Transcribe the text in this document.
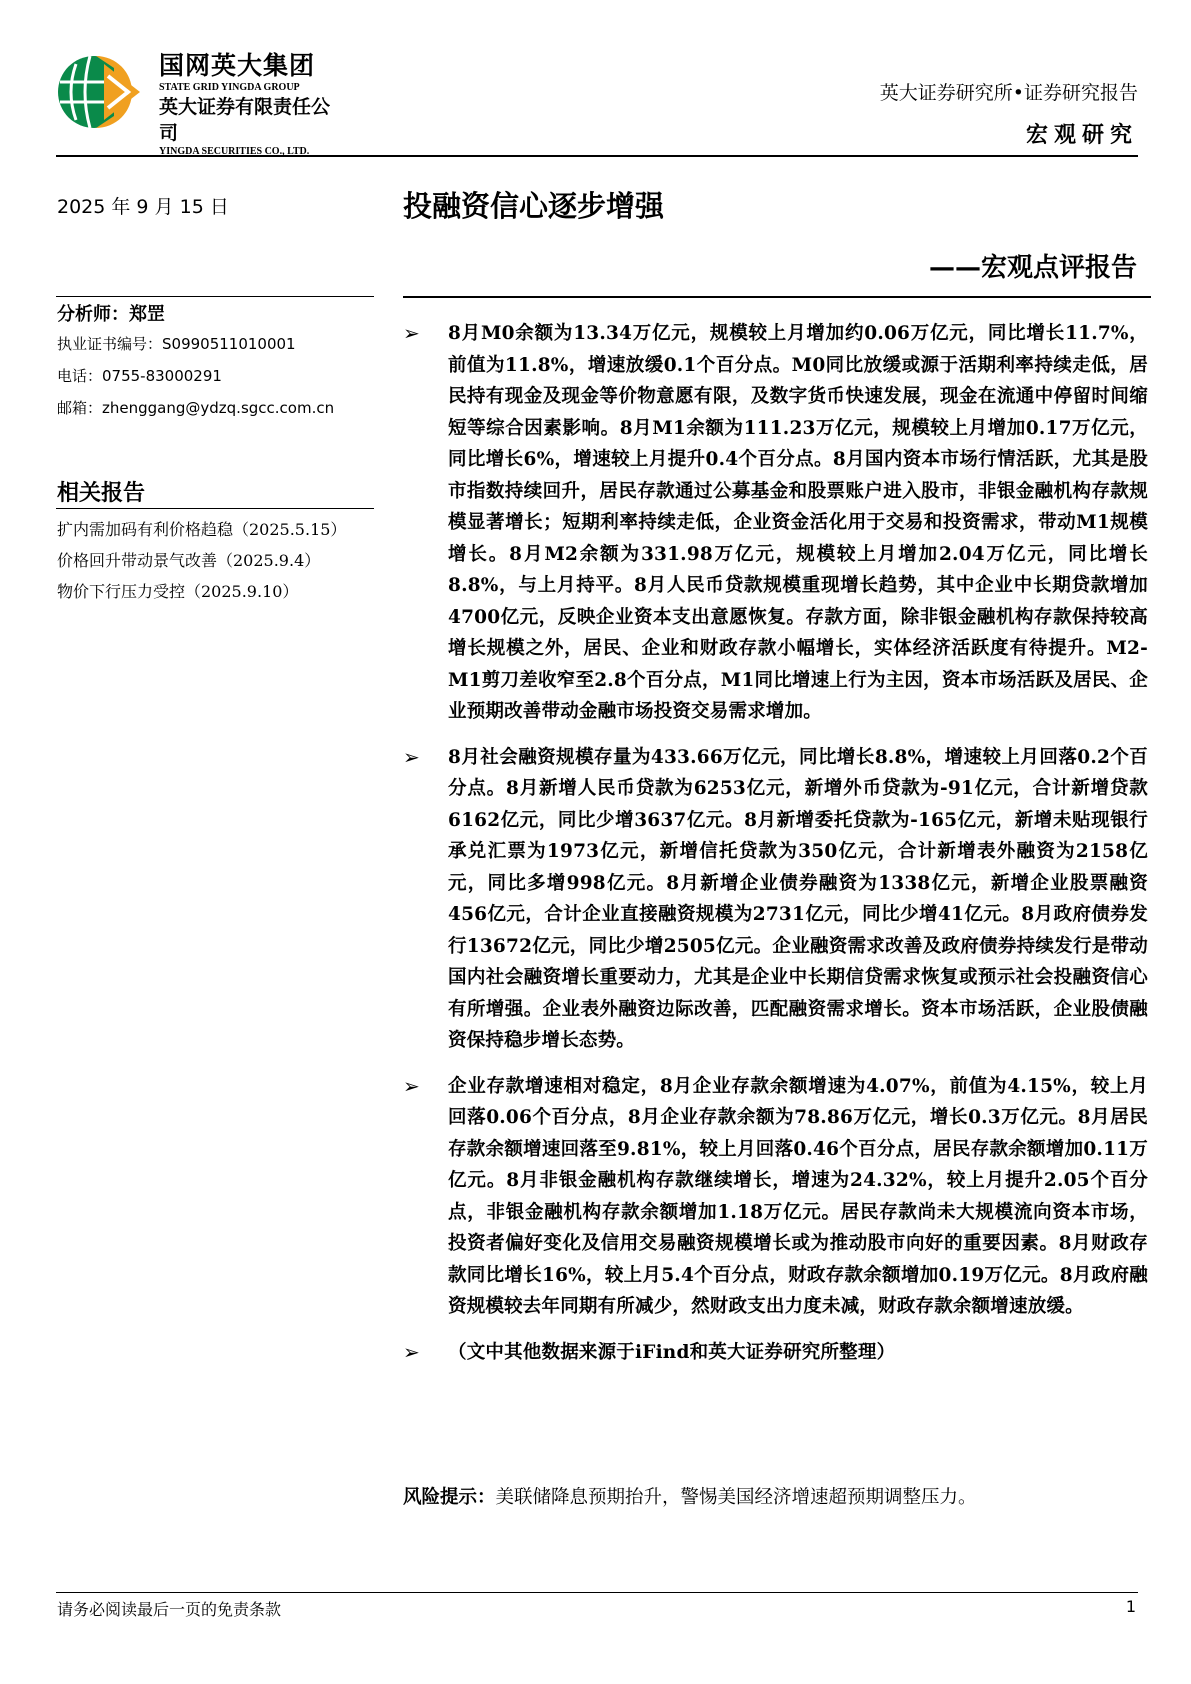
国网英大集团
STATE GRID YINGDA GROUP
英大证券有限责任公司
YINGDA SECURITIES CO., LTD.
英大证券研究所•证券研究报告
宏观研究
2025 年 9 月 15 日	投融资信心逐步增强
——宏观点评报告
分析师：郑罡
执业证书编号：S0990511010001
电话：0755-83000291
邮箱：zhenggang@ydzq.sgcc.com.cn
相关报告
扩内需加码有利价格趋稳（2025.5.15）
价格回升带动景气改善（2025.9.4）
物价下行压力受控（2025.9.10）
➢ 8月M0余额为13.34万亿元，规模较上月增加约0.06万亿元，同比增长11.7%，前值为11.8%，增速放缓0.1个百分点。M0同比放缓或源于活期利率持续走低，居民持有现金及现金等价物意愿有限，及数字货币快速发展，现金在流通中停留时间缩短等综合因素影响。8月M1余额为111.23万亿元，规模较上月增加0.17万亿元，同比增长6%，增速较上月提升0.4个百分点。8月国内资本市场行情活跃，尤其是股市指数持续回升，居民存款通过公募基金和股票账户进入股市，非银金融机构存款规模显著增长；短期利率持续走低，企业资金活化用于交易和投资需求，带动M1规模增长。8月M2余额为331.98万亿元，规模较上月增加2.04万亿元，同比增长8.8%，与上月持平。8月人民币贷款规模重现增长趋势，其中企业中长期贷款增加4700亿元，反映企业资本支出意愿恢复。存款方面，除非银金融机构存款保持较高增长规模之外，居民、企业和财政存款小幅增长，实体经济活跃度有待提升。M2-M1剪刀差收窄至2.8个百分点，M1同比增速上行为主因，资本市场活跃及居民、企业预期改善带动金融市场投资交易需求增加。
➢ 8月社会融资规模存量为433.66万亿元，同比增长8.8%，增速较上月回落0.2个百分点。8月新增人民币贷款为6253亿元，新增外币贷款为-91亿元，合计新增贷款6162亿元，同比少增3637亿元。8月新增委托贷款为-165亿元，新增未贴现银行承兑汇票为1973亿元，新增信托贷款为350亿元，合计新增表外融资为2158亿元，同比多增998亿元。8月新增企业债券融资为1338亿元，新增企业股票融资456亿元，合计企业直接融资规模为2731亿元，同比少增41亿元。8月政府债券发行13672亿元，同比少增2505亿元。企业融资需求改善及政府债券持续发行是带动国内社会融资增长重要动力，尤其是企业中长期信贷需求恢复或预示社会投融资信心有所增强。企业表外融资边际改善，匹配融资需求增长。资本市场活跃，企业股债融资保持稳步增长态势。
➢ 企业存款增速相对稳定，8月企业存款余额增速为4.07%，前值为4.15%，较上月回落0.06个百分点，8月企业存款余额为78.86万亿元，增长0.3万亿元。8月居民存款余额增速回落至9.81%，较上月回落0.46个百分点，居民存款余额增加0.11万亿元。8月非银金融机构存款继续增长，增速为24.32%，较上月提升2.05个百分点，非银金融机构存款余额增加1.18万亿元。居民存款尚未大规模流向资本市场，投资者偏好变化及信用交易融资规模增长或为推动股市向好的重要因素。8月财政存款同比增长16%，较上月5.4个百分点，财政存款余额增加0.19万亿元。8月政府融资规模较去年同期有所减少，然财政支出力度未减，财政存款余额增速放缓。
➢ （文中其他数据来源于iFind和英大证券研究所整理）
风险提示：美联储降息预期抬升，警惕美国经济增速超预期调整压力。
请务必阅读最后一页的免责条款	1
